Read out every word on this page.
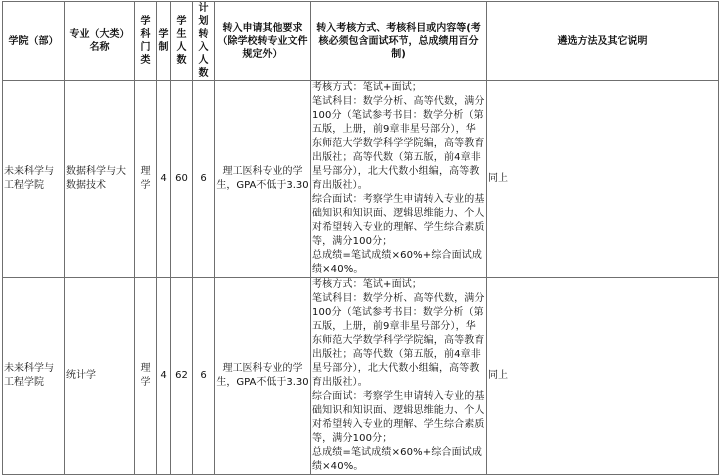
学院（部）	专业（大类）名称	学科门类	学制	学生人数	计划转入人数	转入申请其他要求（除学校转专业文件规定外）	转入考核方式、考核科目或内容等(考核必须包含面试环节，总成绩用百分制)	遴选方法及其它说明
未来科学与工程学院	数据科学与大数据技术	理学	4	60	6	理工医科专业的学生，GPA不低于3.30	考核方式：笔试+面试；
笔试科目：数学分析、高等代数，满分100分（笔试参考书目：数学分析（第五版，上册，前9章非星号部分），华东师范大学数学科学学院编，高等教育出版社；高等代数（第五版，前4章非星号部分），北大代数小组编，高等教育出版社）。
综合面试：考察学生申请转入专业的基础知识和知识面、逻辑思维能力、个人对希望转入专业的理解、学生综合素质等，满分100分；
总成绩=笔试成绩×60%+综合面试成绩×40%。	同上
未来科学与工程学院	统计学	理学	4	62	6	理工医科专业的学生，GPA不低于3.30	考核方式：笔试+面试；
笔试科目：数学分析、高等代数，满分100分（笔试参考书目：数学分析（第五版，上册，前9章非星号部分），华东师范大学数学科学学院编，高等教育出版社；高等代数（第五版，前4章非星号部分），北大代数小组编，高等教育出版社）。
综合面试：考察学生申请转入专业的基础知识和知识面、逻辑思维能力、个人对希望转入专业的理解、学生综合素质等，满分100分；
总成绩=笔试成绩×60%+综合面试成绩×40%。	同上
